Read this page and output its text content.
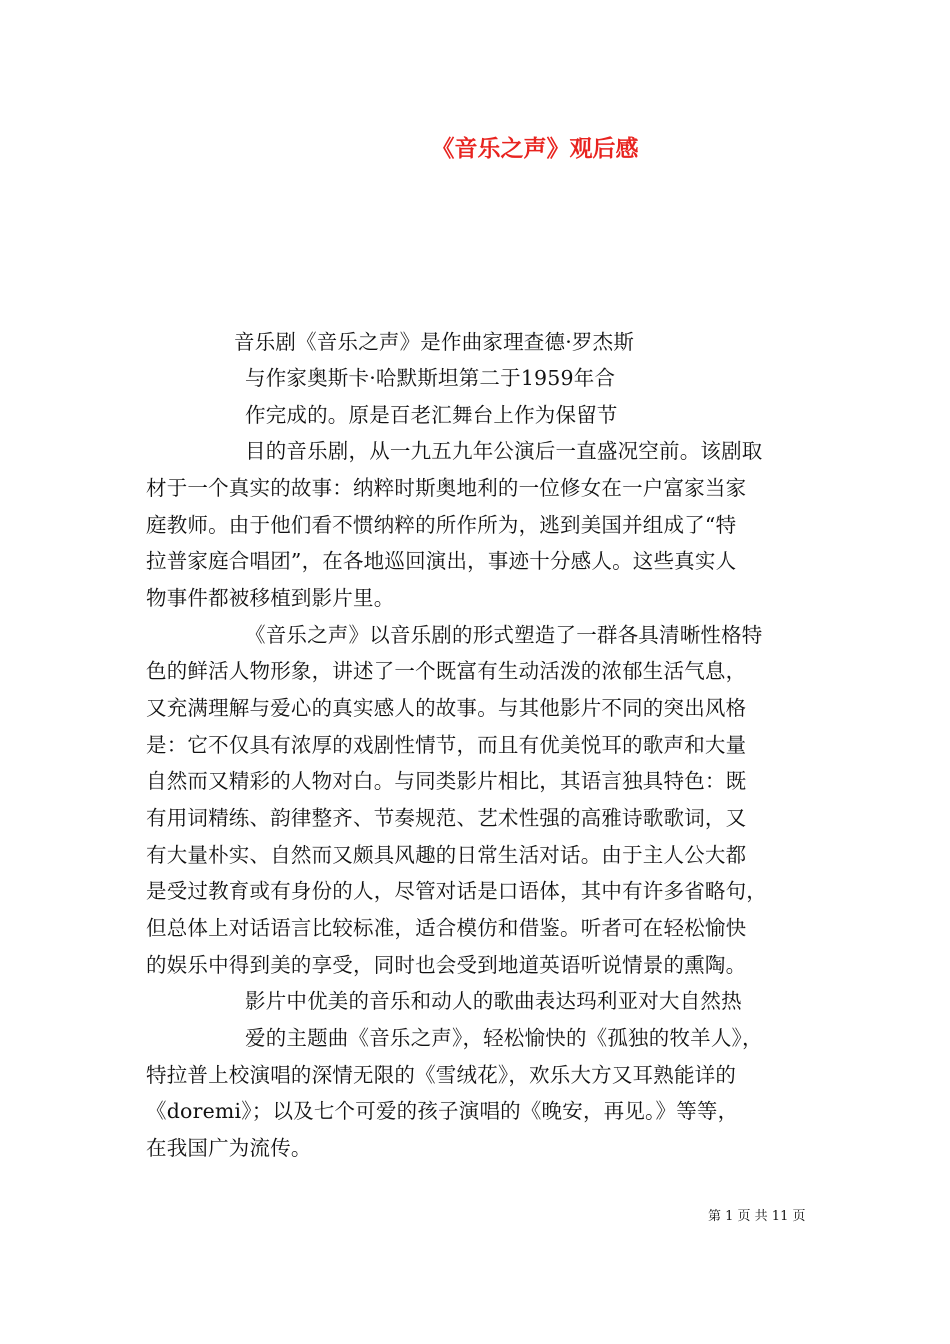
《音乐之声》观后感
音乐剧《音乐之声》是作曲家理查德·罗杰斯
与作家奥斯卡·哈默斯坦第二于1959年合
作完成的。原是百老汇舞台上作为保留节
目的音乐剧，从一九五九年公演后一直盛况空前。该剧取
材于一个真实的故事：纳粹时斯奥地利的一位修女在一户富家当家
庭教师。由于他们看不惯纳粹的所作所为，逃到美国并组成了“特
拉普家庭合唱团”，在各地巡回演出，事迹十分感人。这些真实人
物事件都被移植到影片里。
《音乐之声》以音乐剧的形式塑造了一群各具清晰性格特
色的鲜活人物形象，讲述了一个既富有生动活泼的浓郁生活气息，
又充满理解与爱心的真实感人的故事。与其他影片不同的突出风格
是：它不仅具有浓厚的戏剧性情节，而且有优美悦耳的歌声和大量
自然而又精彩的人物对白。与同类影片相比，其语言独具特色：既
有用词精练、韵律整齐、节奏规范、艺术性强的高雅诗歌歌词，又
有大量朴实、自然而又颇具风趣的日常生活对话。由于主人公大都
是受过教育或有身份的人，尽管对话是口语体，其中有许多省略句，
但总体上对话语言比较标准，适合模仿和借鉴。听者可在轻松愉快
的娱乐中得到美的享受，同时也会受到地道英语听说情景的熏陶。
影片中优美的音乐和动人的歌曲表达玛利亚对大自然热
爱的主题曲《音乐之声》，轻松愉快的《孤独的牧羊人》，
特拉普上校演唱的深情无限的《雪绒花》，欢乐大方又耳熟能详的
《doremi》；以及七个可爱的孩子演唱的《晚安，再见。》等等，
在我国广为流传。
第 1 页 共 11 页
